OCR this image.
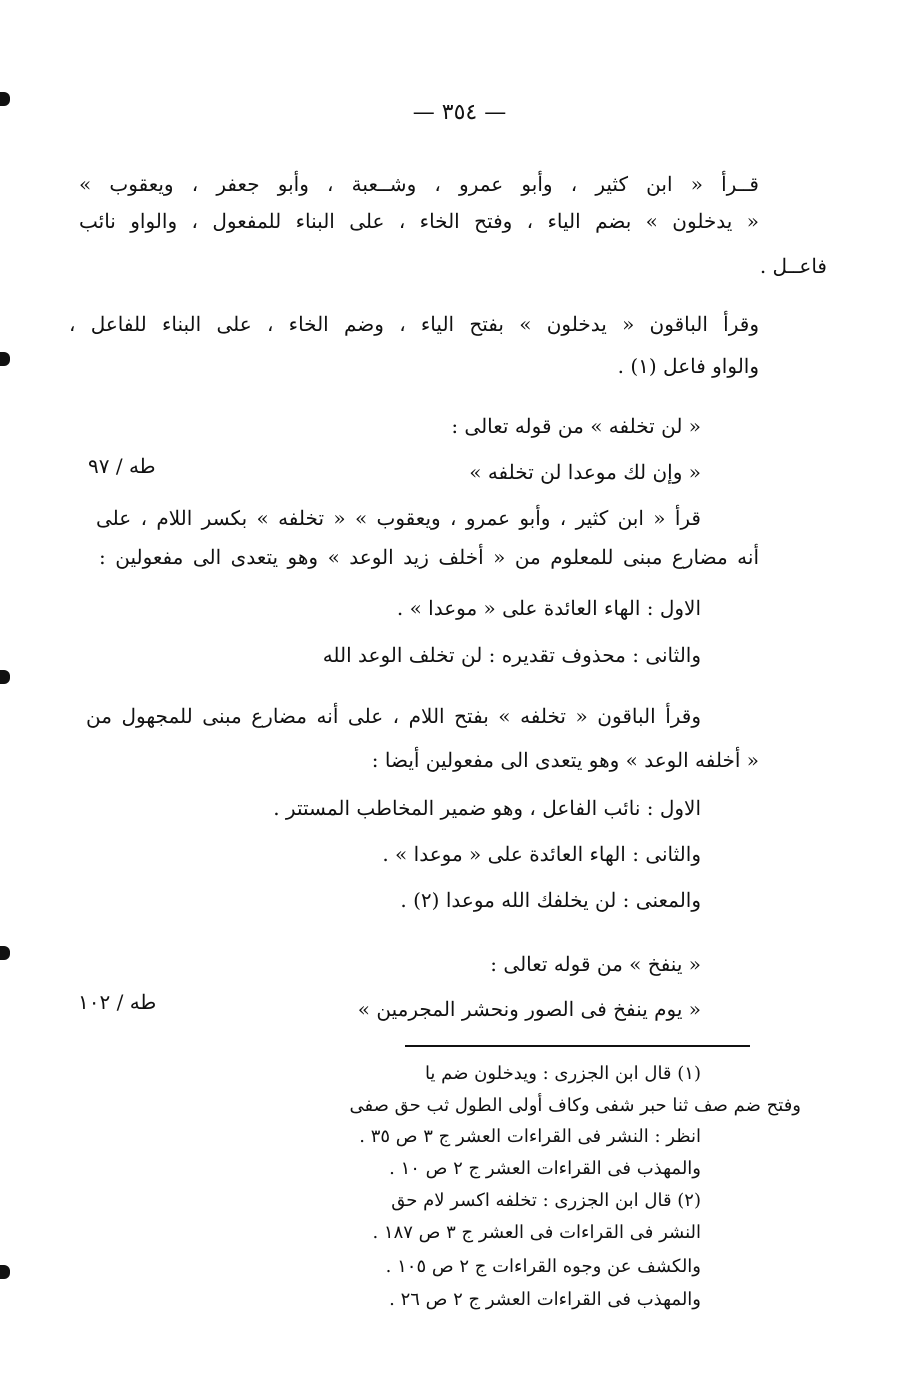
— ٣٥٤ —
قــرأ « ابن كثير ، وأبو عمرو ، وشــعبة ، وأبو جعفر ، ويعقوب »
« يدخلون » بضم الياء ، وفتح الخاء ، على البناء للمفعول ، والواو نائب
فاعــل .
وقرأ الباقون « يدخلون » بفتح الياء ، وضم الخاء ، على البناء للفاعل ،
والواو فاعل (١) .
« لن تخلفه » من قوله تعالى :
« وإن لك موعدا لن تخلفه »
طه / ٩٧
قرأ « ابن كثير ، وأبو عمرو ، ويعقوب » « تخلفه » بكسر اللام ، على
أنه مضارع مبنى للمعلوم من « أخلف زيد الوعد » وهو يتعدى الى مفعولين :
الاول : الهاء العائدة على « موعدا » .
والثانى : محذوف تقديره : لن تخلف الوعد الله
وقرأ الباقون « تخلفه » بفتح اللام ، على أنه مضارع مبنى للمجهول من
« أخلفه الوعد » وهو يتعدى الى مفعولين أيضا :
الاول : نائب الفاعل ، وهو ضمير المخاطب المستتر .
والثانى : الهاء العائدة على « موعدا » .
والمعنى : لن يخلفك الله موعدا (٢) .
« ينفخ » من قوله تعالى :
« يوم ينفخ فى الصور ونحشر المجرمين »
طه / ١٠٢
(١) قال ابن الجزرى : ويدخلون ضم يا
وفتح ضم صف ثنا حبر شفى وكاف أولى الطول ثب حق صفى
انظر : النشر فى القراءات العشر ج ٣ ص ٣٥ .
والمهذب فى القراءات العشر ج ٢ ص ١٠ .
(٢) قال ابن الجزرى : تخلفه اكسر لام حق
النشر فى القراءات فى العشر ج ٣ ص ١٨٧ .
والكشف عن وجوه القراءات ج ٢ ص ١٠٥ .
والمهذب فى القراءات العشر ج ٢ ص ٢٦ .
